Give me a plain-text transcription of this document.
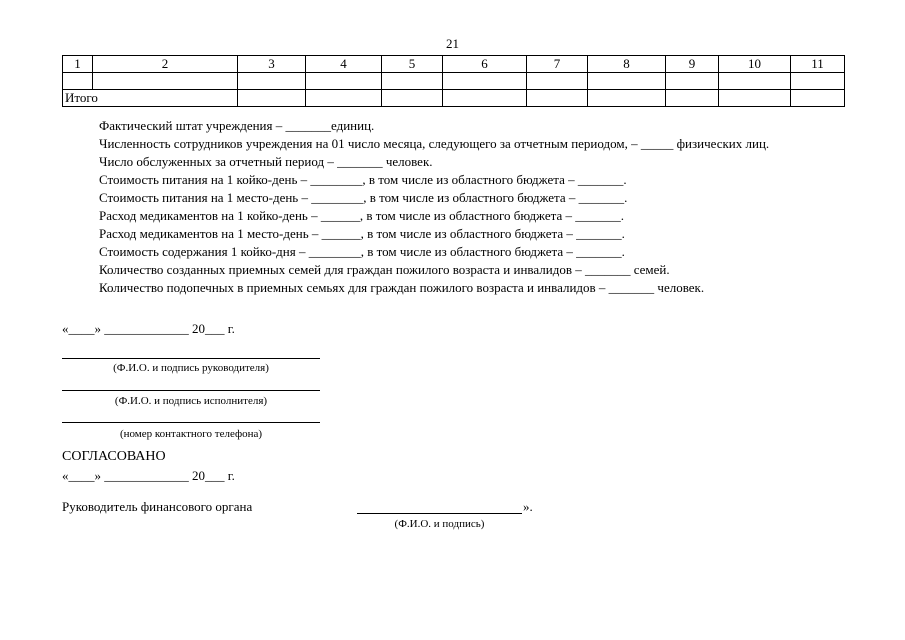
21
1	2	3	4	5	6	7	8	9	10	11

Итого										

Фактический штат учреждения – _______единиц.

Численность сотрудников учреждения на 01 число месяца, следующего за отчетным периодом, – _____ физических лиц.

Число обслуженных за отчетный период – _______ человек.

Стоимость питания на 1 койко-день – ________, в том числе из областного бюджета – _______.

Стоимость питания на 1 место-день – ________, в том числе из областного бюджета – _______.

Расход медикаментов на 1 койко-день – ______, в том числе из областного бюджета – _______.

Расход медикаментов на 1 место-день – ______, в том числе из областного бюджета – _______.

Стоимость содержания 1 койко-дня – ________, в том числе из областного бюджета – _______.

Количество созданных приемных семей для граждан пожилого возраста и инвалидов – _______ семей.

Количество подопечных в приемных семьях для граждан пожилого возраста и инвалидов – _______ человек.

«____» _____________ 20___ г.
(Ф.И.О. и подпись руководителя)
(Ф.И.О. и подпись исполнителя)
(номер контактного телефона)
СОГЛАСОВАНО
«____» _____________ 20___ г.
Руководитель финансового органа	».
(Ф.И.О. и подпись)
